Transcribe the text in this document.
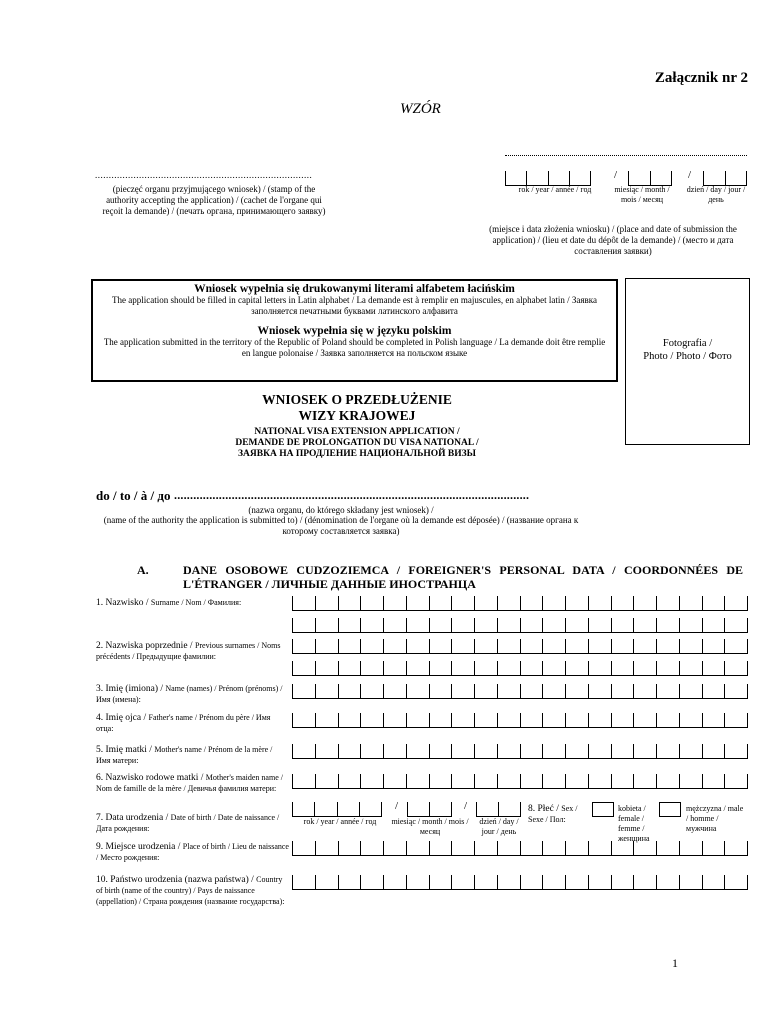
Załącznik nr 2
WZÓR
...............................................................................
(pieczęć organu przyjmującego wniosek) / (stamp of the authority accepting the application) / (cachet de l'organe qui reçoit la demande) / (печать органа, принимающего заявку)
/	/
rok / year / année / год	miesiąc / month / mois / месяц
dzień / day / jour / день
(miejsce i data złożenia wniosku) / (place and date of submission the application) / (lieu et date du dépôt de la demande) / (место и дата составления заявки)
Wniosek wypełnia się drukowanymi literami alfabetem łacińskim
The application should be filled in capital letters in Latin alphabet / La demande est à remplir en majuscules, en alphabet latin / Заявка заполняется печатными буквами латинского алфавита
Wniosek wypełnia się w języku polskim
The application submitted in the territory of the Republic of Poland should be completed in Polish language / La demande doit être remplie en langue polonaise / Заявка заполняется на польском языке
Fotografia /
Photo / Photo / Фото
WNIOSEK O PRZEDŁUŻENIE
WIZY KRAJOWEJ
NATIONAL VISA EXTENSION APPLICATION /
DEMANDE DE PROLONGATION DU VISA NATIONAL /
ЗАЯВКА НА ПРОДЛЕНИЕ НАЦИОНАЛЬНОЙ ВИЗЫ
do / to / à / до ...............................................................................................................
(nazwa organu, do którego składany jest wniosek) /
(name of the authority the application is submitted to) / (dénomination de l'organe où la demande est déposée) / (название органа к которому составляется заявка)
A.	DANE OSOBOWE CUDZOZIEMCA / FOREIGNER'S PERSONAL DATA / COORDONNÉES DE L'ÉTRANGER / ЛИЧНЫЕ ДАННЫЕ ИНОСТРАНЦА
1. Nazwisko / Surname / Nom / Фамилия:
2. Nazwiska poprzednie / Previous surnames / Noms précédents / Предыдущие фамилии:
3. Imię (imiona) / Name (names) / Prénom (prénoms) / Имя (имена):
4. Imię ojca / Father's name / Prénom du père / Имя отца:
5. Imię matki / Mother's name / Prénom de la mère / Имя матери:
6. Nazwisko rodowe matki / Mother's maiden name / Nom de famille de la mère / Девичья фамилия матери:
7. Data urodzenia / Date of birth / Date de naissance / Дата рождения:
/	/
rok / year / année / год	miesiąc / month / mois / месяц
dzień / day / jour / день
8. Płeć / Sex / Sexe / Пол:
kobieta / female / femme / женщина
mężczyzna / male / homme / мужчина
9. Miejsce urodzenia / Place of birth / Lieu de naissance / Место рождения:
10. Państwo urodzenia (nazwa państwa) / Country of birth (name of the country) / Pays de naissance (appellation) / Страна рождения (название государства):
1
